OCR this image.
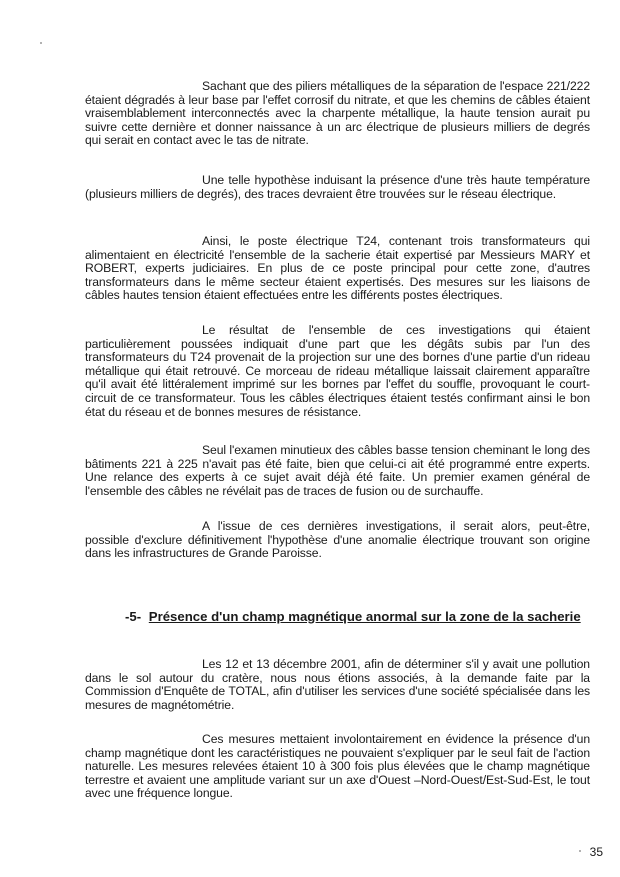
Sachant que des piliers métalliques de la séparation de l'espace 221/222 étaient dégradés à leur base par l'effet corrosif du nitrate, et que les chemins de câbles étaient vraisemblablement interconnectés avec la charpente métallique, la haute tension aurait pu suivre cette dernière et donner naissance à un arc électrique de plusieurs milliers de degrés qui serait en contact avec le tas de nitrate.

Une telle hypothèse induisant la présence d'une très haute température (plusieurs milliers de degrés), des traces devraient être trouvées sur le réseau électrique.

Ainsi, le poste électrique T24, contenant trois transformateurs qui alimentaient en électricité l'ensemble de la sacherie était expertisé par Messieurs MARY et ROBERT, experts judiciaires. En plus de ce poste principal pour cette zone, d'autres transformateurs dans le même secteur étaient expertisés. Des mesures sur les liaisons de câbles hautes tension étaient effectuées entre les différents postes électriques.

Le résultat de l'ensemble de ces investigations qui étaient particulièrement poussées indiquait d'une part que les dégâts subis par l'un des transformateurs du T24 provenait de la projection sur une des bornes d'une partie d'un rideau métallique qui était retrouvé. Ce morceau de rideau métallique laissait clairement apparaître qu'il avait été littéralement imprimé sur les bornes par l'effet du souffle, provoquant le court-circuit de ce transformateur. Tous les câbles électriques étaient testés confirmant ainsi le bon état du réseau et de bonnes mesures de résistance.

Seul l'examen minutieux des câbles basse tension cheminant le long des bâtiments 221 à 225 n'avait pas été faite, bien que celui-ci ait été programmé entre experts. Une relance des experts à ce sujet avait déjà été faite. Un premier examen général de l'ensemble des câbles ne révélait pas de traces de fusion ou de surchauffe.

A l'issue de ces dernières investigations, il serait alors, peut-être, possible d'exclure définitivement l'hypothèse d'une anomalie électrique trouvant son origine dans les infrastructures de Grande Paroisse.

-5- Présence d'un champ magnétique anormal sur la zone de la sacherie

Les 12 et 13 décembre 2001, afin de déterminer s'il y avait une pollution dans le sol autour du cratère, nous nous étions associés, à la demande faite par la Commission d'Enquête de TOTAL, afin d'utiliser les services d'une société spécialisée dans les mesures de magnétométrie.

Ces mesures mettaient involontairement en évidence la présence d'un champ magnétique dont les caractéristiques ne pouvaient s'expliquer par le seul fait de l'action naturelle. Les mesures relevées étaient 10 à 300 fois plus élevées que le champ magnétique terrestre et avaient une amplitude variant sur un axe d'Ouest –Nord-Ouest/Est-Sud-Est, le tout avec une fréquence longue.

35
